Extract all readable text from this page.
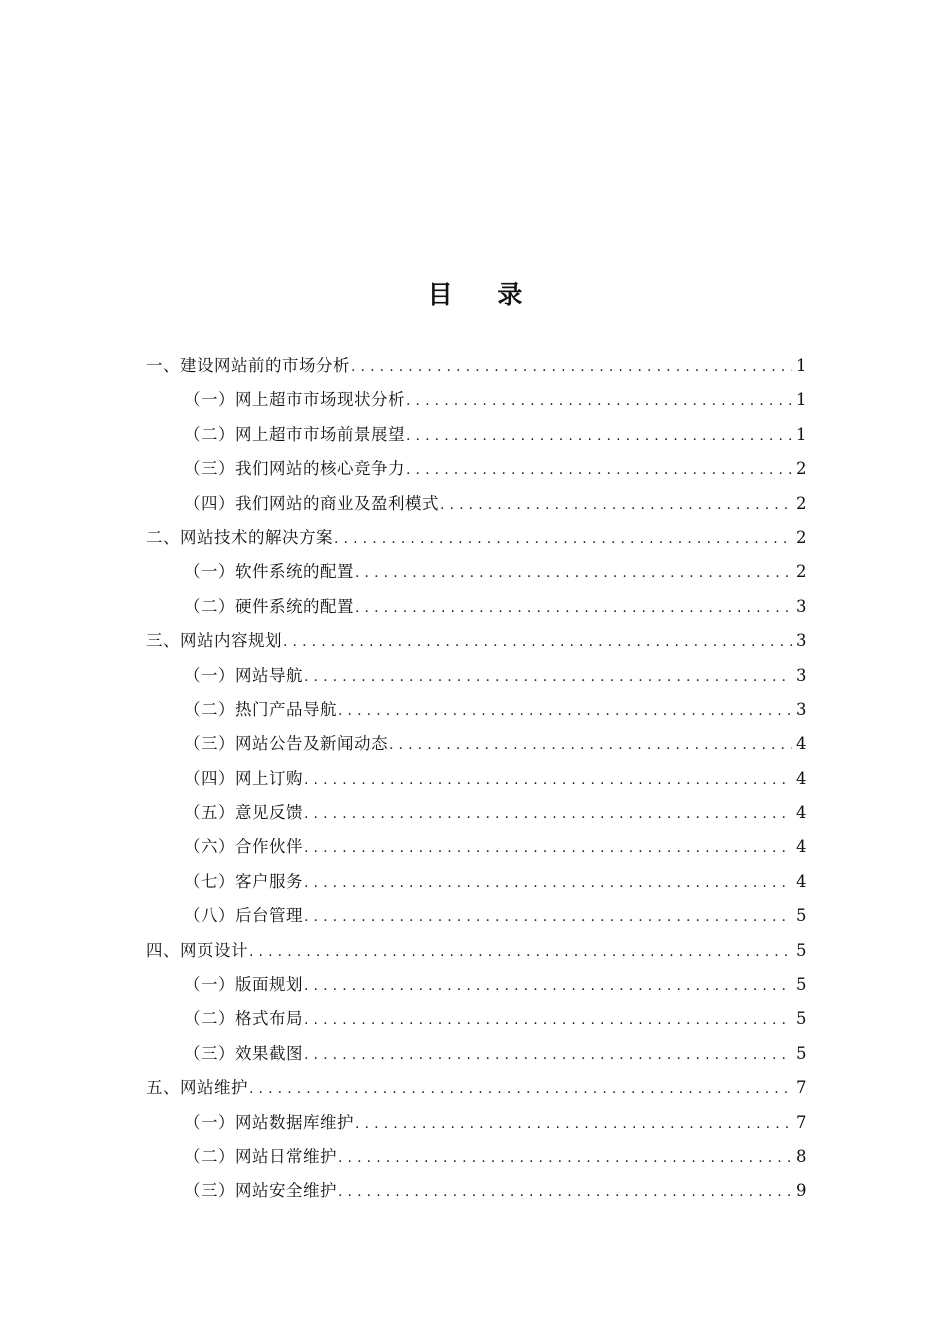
目 录
一、建设网站前的市场分析 .....	1
（一）网上超市市场现状分析 .....	1
（二）网上超市市场前景展望 .....	1
（三）我们网站的核心竞争力 .....	2
（四）我们网站的商业及盈利模式 .....	2
二、网站技术的解决方案 .....	2
（一）软件系统的配置 .....	2
（二）硬件系统的配置 .....	3
三、网站内容规划 .....	3
（一）网站导航 .....	3
（二）热门产品导航 .....	3
（三）网站公告及新闻动态 .....	4
（四）网上订购 .....	4
（五）意见反馈 .....	4
（六）合作伙伴 .....	4
（七）客户服务 .....	4
（八）后台管理 .....	5
四、网页设计 .....	5
（一）版面规划 .....	5
（二）格式布局 .....	5
（三）效果截图 .....	5
五、网站维护 .....	7
（一）网站数据库维护 .....	7
（二）网站日常维护 .....	8
（三）网站安全维护 .....	9
